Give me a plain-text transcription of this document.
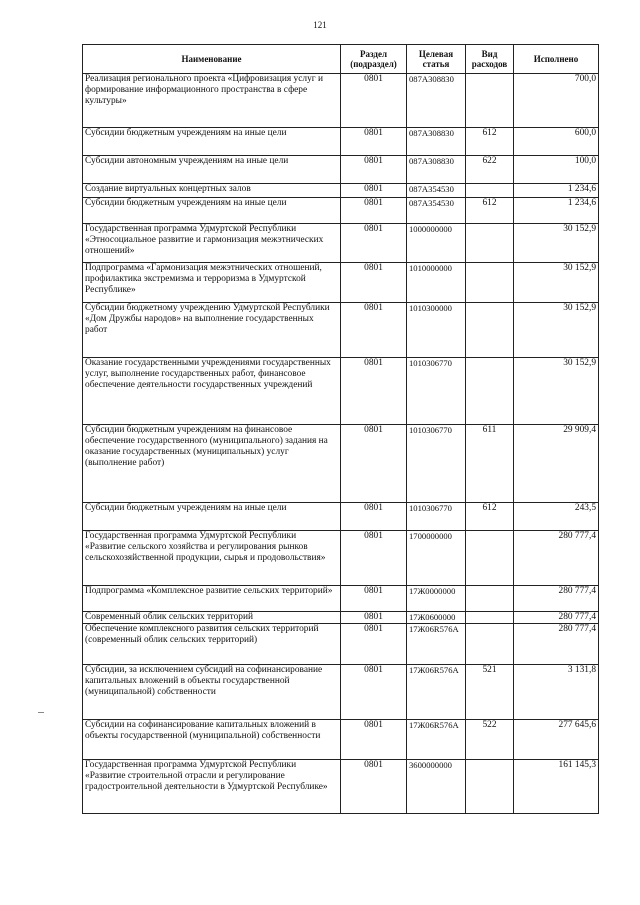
121
Наименование	Раздел (подраздел)	Целевая статья	Вид расходов	Исполнено
Реализация регионального проекта «Цифровизация услуг и формирование информационного пространства в сфере культуры»	0801	087A308830		700,0
Субсидии бюджетным учреждениям на иные цели	0801	087A308830	612	600,0
Субсидии автономным учреждениям на иные цели	0801	087A308830	622	100,0
Создание виртуальных концертных залов	0801	087A354530		1 234,6
Субсидии бюджетным учреждениям на иные цели	0801	087A354530	612	1 234,6
Государственная программа Удмуртской Республики «Этносоциальное развитие и гармонизация межэтнических отношений»	0801	1000000000		30 152,9
Подпрограмма «Гармонизация межэтнических отношений, профилактика экстремизма и терроризма в Удмуртской Республике»	0801	1010000000		30 152,9
Субсидии бюджетному учреждению Удмуртской Республики «Дом Дружбы народов» на выполнение государственных работ	0801	1010300000		30 152,9
Оказание государственными учреждениями государственных услуг, выполнение государственных работ, финансовое обеспечение деятельности государственных учреждений	0801	1010306770		30 152,9
Субсидии бюджетным учреждениям на финансовое обеспечение государственного (муниципального) задания на оказание государственных (муниципальных) услуг (выполнение работ)	0801	1010306770	611	29 909,4
Субсидии бюджетным учреждениям на иные цели	0801	1010306770	612	243,5
Государственная программа Удмуртской Республики «Развитие сельского хозяйства и регулирования рынков сельскохозяйственной продукции, сырья и продовольствия»	0801	1700000000		280 777,4
Подпрограмма «Комплексное развитие сельских территорий»	0801	17Ж0000000		280 777,4
Современный облик сельских территорий	0801	17Ж0600000		280 777,4
Обеспечение комплексного развития сельских территорий (современный облик сельских территорий)	0801	17Ж06R576A		280 777,4
Субсидии, за исключением субсидий на софинансирование капитальных вложений в объекты государственной (муниципальной) собственности	0801	17Ж06R576A	521	3 131,8
Субсидии на софинансирование капитальных вложений в объекты государственной (муниципальной) собственности	0801	17Ж06R576A	522	277 645,6
Государственная программа Удмуртской Республики «Развитие строительной отрасли и регулирование градостроительной деятельности в Удмуртской Республике»	0801	3600000000		161 145,3
